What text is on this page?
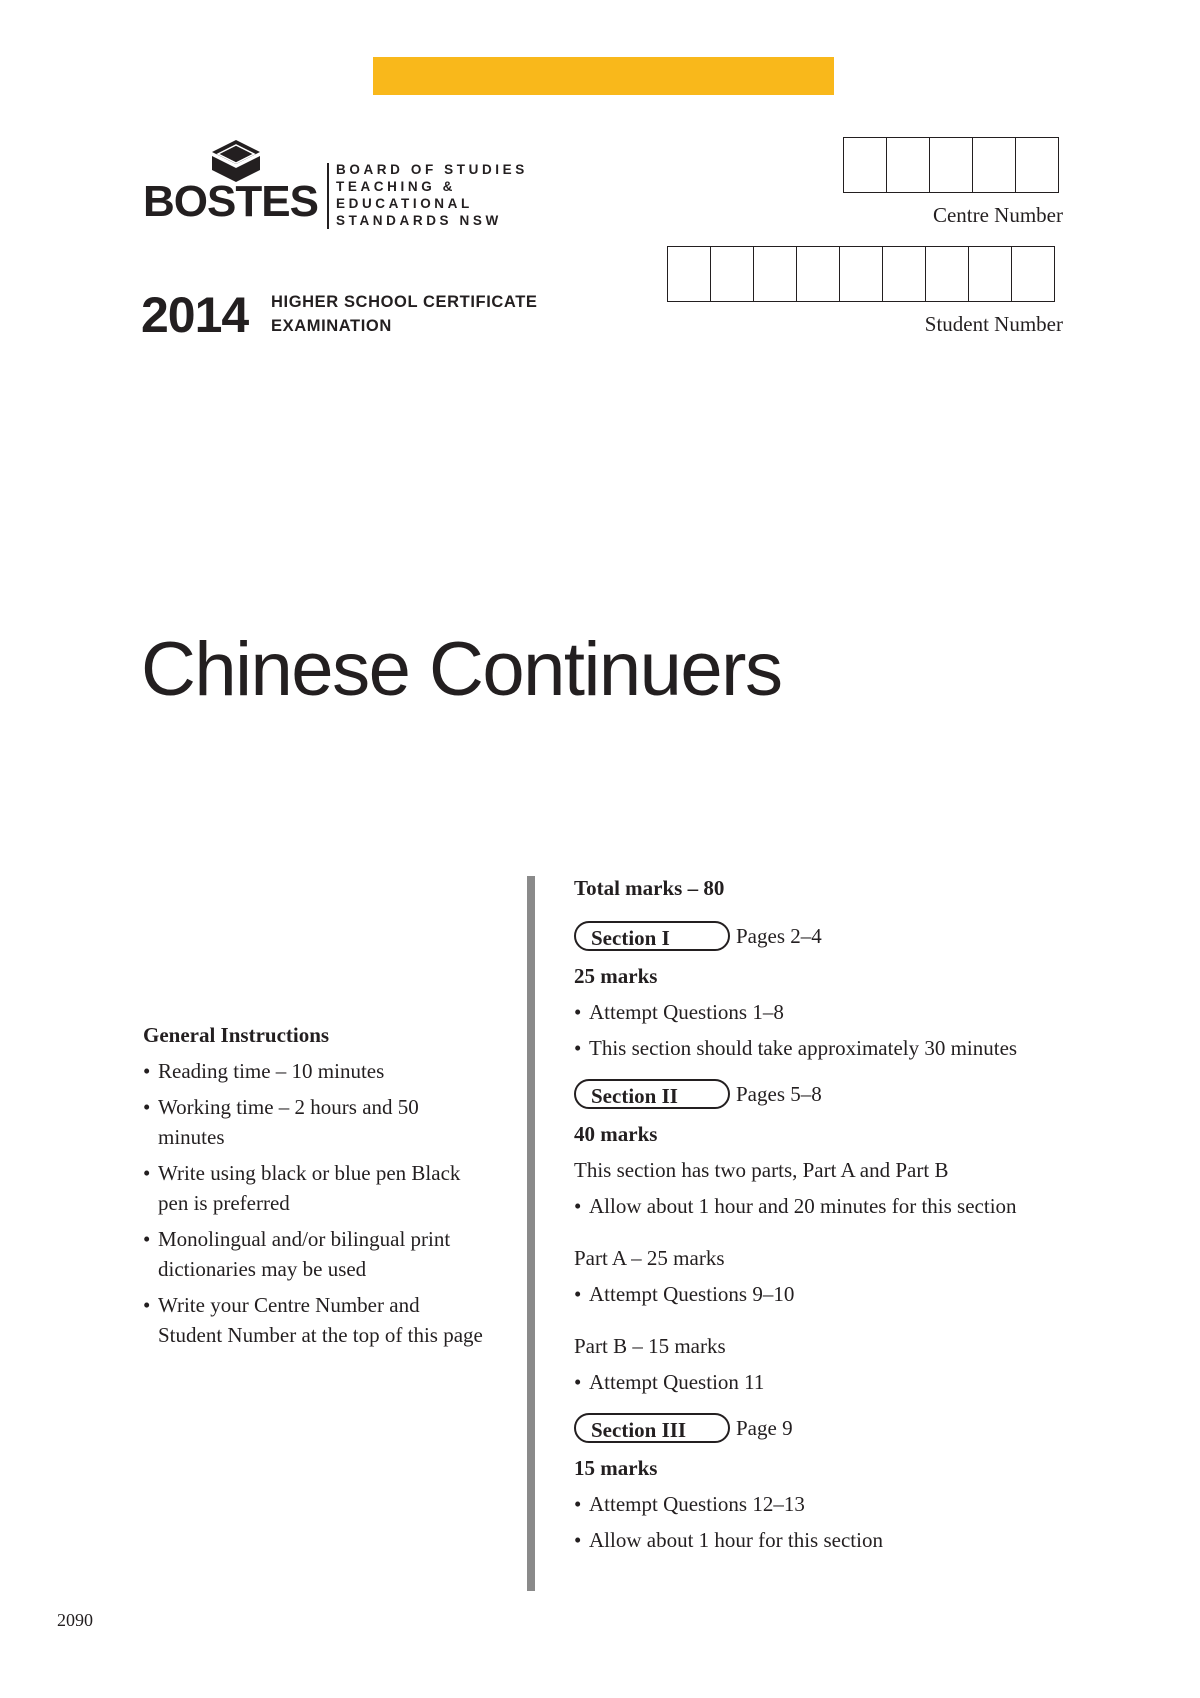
BOSTES
BOARD OF STUDIES
TEACHING &
EDUCATIONAL
STANDARDS NSW
2014 HIGHER SCHOOL CERTIFICATE
EXAMINATION
Centre Number
Student Number
Chinese Continuers
General Instructions
• Reading time – 10 minutes
• Working time – 2 hours and 50 minutes
• Write using black or blue pen Black pen is preferred
• Monolingual and/or bilingual print dictionaries may be used
• Write your Centre Number and Student Number at the top of this page
Total marks – 80
Section I	Pages 2–4
25 marks
• Attempt Questions 1–8
• This section should take approximately 30 minutes
Section II	Pages 5–8
40 marks
This section has two parts, Part A and Part B
• Allow about 1 hour and 20 minutes for this section
Part A – 25 marks
• Attempt Questions 9–10
Part B – 15 marks
• Attempt Question 11
Section III	Page 9
15 marks
• Attempt Questions 12–13
• Allow about 1 hour for this section
2090
